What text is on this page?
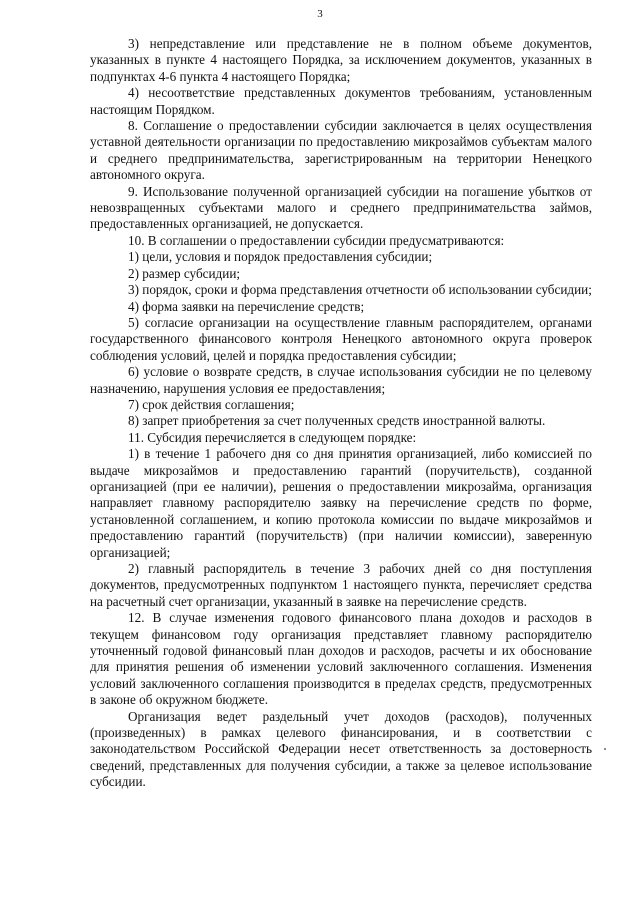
3

3) непредставление или представление не в полном объеме документов, указанных в пункте 4 настоящего Порядка, за исключением документов, указанных в подпунктах 4-6 пункта 4 настоящего Порядка;

4) несоответствие представленных документов требованиям, установленным настоящим Порядком.

8. Соглашение о предоставлении субсидии заключается в целях осуществления уставной деятельности организации по предоставлению микрозаймов субъектам малого и среднего предпринимательства, зарегистрированным на территории Ненецкого автономного округа.

9. Использование полученной организацией субсидии на погашение убытков от невозвращенных субъектами малого и среднего предпринимательства займов, предоставленных организацией, не допускается.

10. В соглашении о предоставлении субсидии предусматриваются:

1) цели, условия и порядок предоставления субсидии;

2) размер субсидии;

3) порядок, сроки и форма представления отчетности об использовании субсидии;

4) форма заявки на перечисление средств;

5) согласие организации на осуществление главным распорядителем, органами государственного финансового контроля Ненецкого автономного округа проверок соблюдения условий, целей и порядка предоставления субсидии;

6) условие о возврате средств, в случае использования субсидии не по целевому назначению, нарушения условия ее предоставления;

7) срок действия соглашения;

8) запрет приобретения за счет полученных средств иностранной валюты.

11. Субсидия перечисляется в следующем порядке:

1) в течение 1 рабочего дня со дня принятия организацией, либо комиссией по выдаче микрозаймов и предоставлению гарантий (поручительств), созданной организацией (при ее наличии), решения о предоставлении микрозайма, организация направляет главному распорядителю заявку на перечисление средств по форме, установленной соглашением, и копию протокола комиссии по выдаче микрозаймов и предоставлению гарантий (поручительств) (при наличии комиссии), заверенную организацией;

2) главный распорядитель в течение 3 рабочих дней со дня поступления документов, предусмотренных подпунктом 1 настоящего пункта, перечисляет средства на расчетный счет организации, указанный в заявке на перечисление средств.

12. В случае изменения годового финансового плана доходов и расходов в текущем финансовом году организация представляет главному распорядителю уточненный годовой финансовый план доходов и расходов, расчеты и их обоснование для принятия решения об изменении условий заключенного соглашения. Изменения условий заключенного соглашения производится в пределах средств, предусмотренных в законе об окружном бюджете.

Организация ведет раздельный учет доходов (расходов), полученных (произведенных) в рамках целевого финансирования, и в соответствии с законодательством Российской Федерации несет ответственность за достоверность сведений, представленных для получения субсидии, а также за целевое использование субсидии.
